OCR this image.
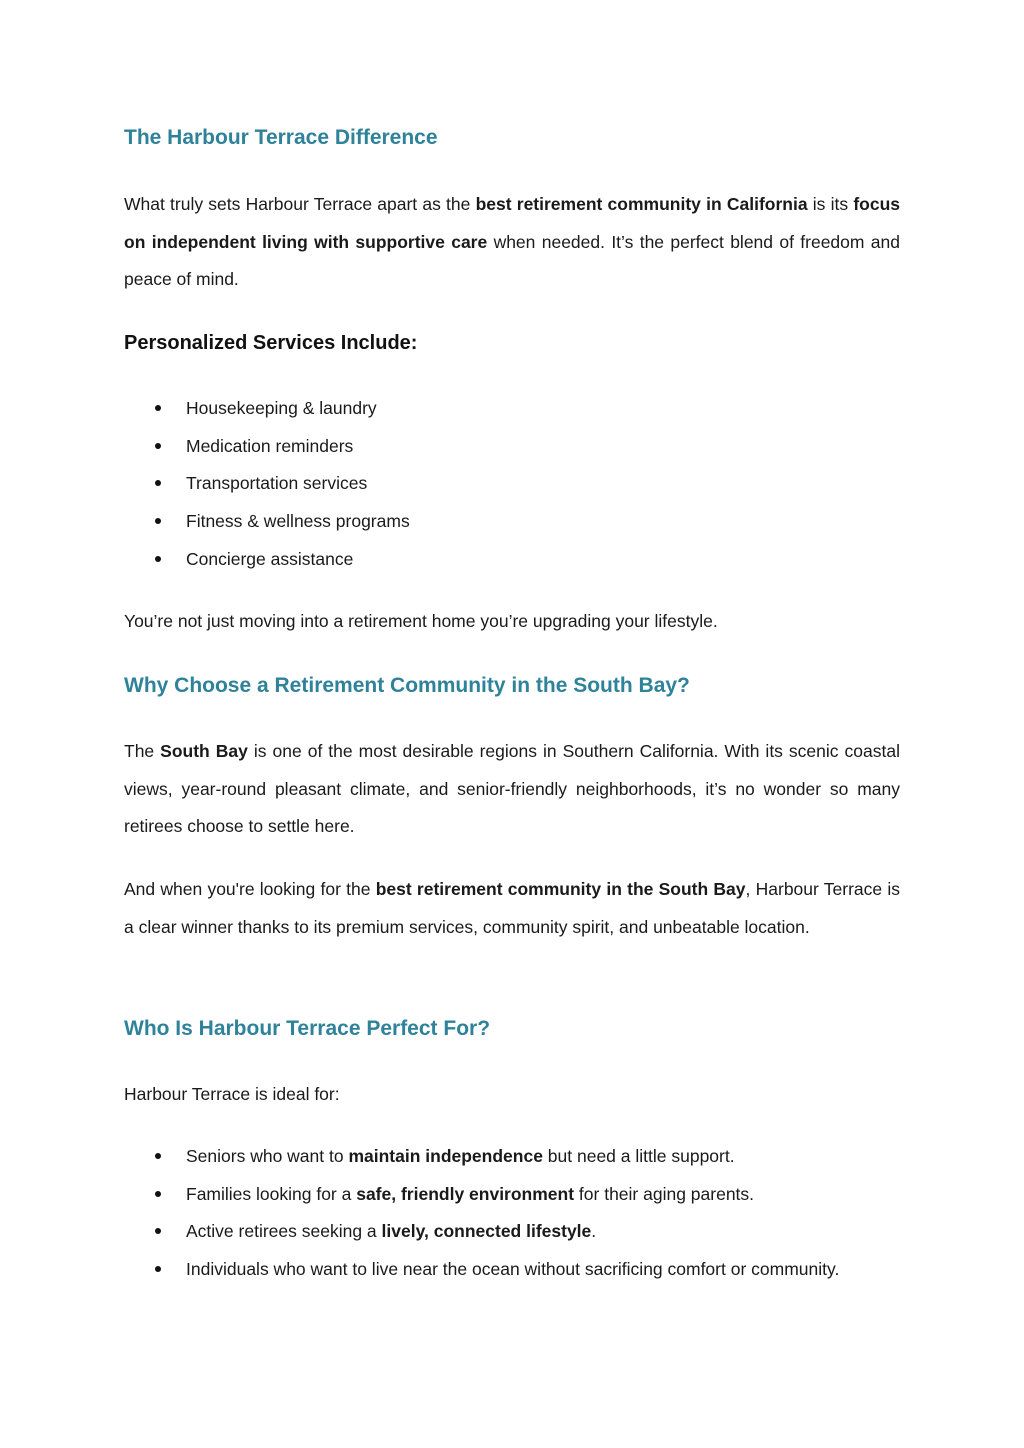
The Harbour Terrace Difference

What truly sets Harbour Terrace apart as the best retirement community in California is its focus on independent living with supportive care when needed. It’s the perfect blend of freedom and peace of mind.

Personalized Services Include:
Housekeeping & laundry
Medication reminders
Transportation services
Fitness & wellness programs
Concierge assistance

You’re not just moving into a retirement home you’re upgrading your lifestyle.

Why Choose a Retirement Community in the South Bay?

The South Bay is one of the most desirable regions in Southern California. With its scenic coastal views, year-round pleasant climate, and senior-friendly neighborhoods, it’s no wonder so many retirees choose to settle here.

And when you're looking for the best retirement community in the South Bay, Harbour Terrace is a clear winner thanks to its premium services, community spirit, and unbeatable location.

Who Is Harbour Terrace Perfect For?

Harbour Terrace is ideal for:

Seniors who want to maintain independence but need a little support.
Families looking for a safe, friendly environment for their aging parents.
Active retirees seeking a lively, connected lifestyle.
Individuals who want to live near the ocean without sacrificing comfort or community.
